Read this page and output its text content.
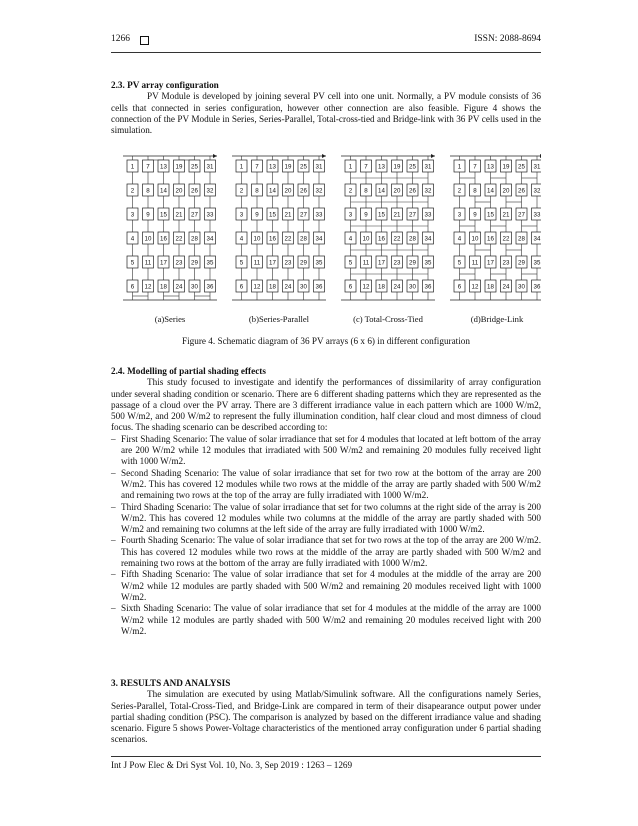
1266	ISSN: 2088-8694
2.3. PV array configuration

PV Module is developed by joining several PV cell into one unit. Normally, a PV module consists of 36 cells that connected in series configuration, however other connection are also feasible. Figure 4 shows the connection of the PV Module in Series, Series-Parallel, Total-cross-tied and Bridge-link with 36 PV cells used in the simulation.

1 7 13 19 25 31
2 8 14 20 26 32
3 9 15 21 27 33
4 10 16 22 28 34
5 11 17 23 29 35
6 12 18 24 30 36
(a)Series
1 7 13 19 25 31
2 8 14 20 26 32
3 9 15 21 27 33
4 10 16 22 28 34
5 11 17 23 29 35
6 12 18 24 30 36
(b)Series-Parallel
1 7 13 19 25 31
2 8 14 20 26 32
3 9 15 21 27 33
4 10 16 22 28 34
5 11 17 23 29 35
6 12 18 24 30 36
(c) Total-Cross-Tied
1 7 13 19 25 31
2 8 14 20 26 32
3 9 15 21 27 33
4 10 16 22 28 34
5 11 17 23 29 35
6 12 18 24 30 36
(d)Bridge-Link
Figure 4. Schematic diagram of 36 PV arrays (6 x 6) in different configuration
2.4. Modelling of partial shading effects

This study focused to investigate and identify the performances of dissimilarity of array configuration under several shading condition or scenario. There are 6 different shading patterns which they are represented as the passage of a cloud over the PV array. There are 3 different irradiance value in each pattern which are 1000 W/m2, 500 W/m2, and 200 W/m2 to represent the fully illumination condition, half clear cloud and most dimness of cloud focus. The shading scenario can be described according to:

– First Shading Scenario: The value of solar irradiance that set for 4 modules that located at left bottom of the array are 200 W/m2 while 12 modules that irradiated with 500 W/m2 and remaining 20 modules fully received light with 1000 W/m2.
– Second Shading Scenario: The value of solar irradiance that set for two row at the bottom of the array are 200 W/m2. This has covered 12 modules while two rows at the middle of the array are partly shaded with 500 W/m2 and remaining two rows at the top of the array are fully irradiated with 1000 W/m2.
– Third Shading Scenario: The value of solar irradiance that set for two columns at the right side of the array is 200 W/m2. This has covered 12 modules while two columns at the middle of the array are partly shaded with 500 W/m2 and remaining two columns at the left side of the array are fully irradiated with 1000 W/m2.
– Fourth Shading Scenario: The value of solar irradiance that set for two rows at the top of the array are 200 W/m2. This has covered 12 modules while two rows at the middle of the array are partly shaded with 500 W/m2 and remaining two rows at the bottom of the array are fully irradiated with 1000 W/m2.
– Fifth Shading Scenario: The value of solar irradiance that set for 4 modules at the middle of the array are 200 W/m2 while 12 modules are partly shaded with 500 W/m2 and remaining 20 modules received light with 1000 W/m2.
– Sixth Shading Scenario: The value of solar irradiance that set for 4 modules at the middle of the array are 1000 W/m2 while 12 modules are partly shaded with 500 W/m2 and remaining 20 modules received light with 200 W/m2.
3. RESULTS AND ANALYSIS

The simulation are executed by using Matlab/Simulink software. All the configurations namely Series, Series-Parallel, Total-Cross-Tied, and Bridge-Link are compared in term of their disapearance output power under partial shading condition (PSC). The comparison is analyzed by based on the different irradiance value and shading scenario. Figure 5 shows Power-Voltage characteristics of the mentioned array configuration under 6 partial shading scenarios.

Int J Pow Elec & Dri Syst Vol. 10, No. 3, Sep 2019 : 1263 – 1269
